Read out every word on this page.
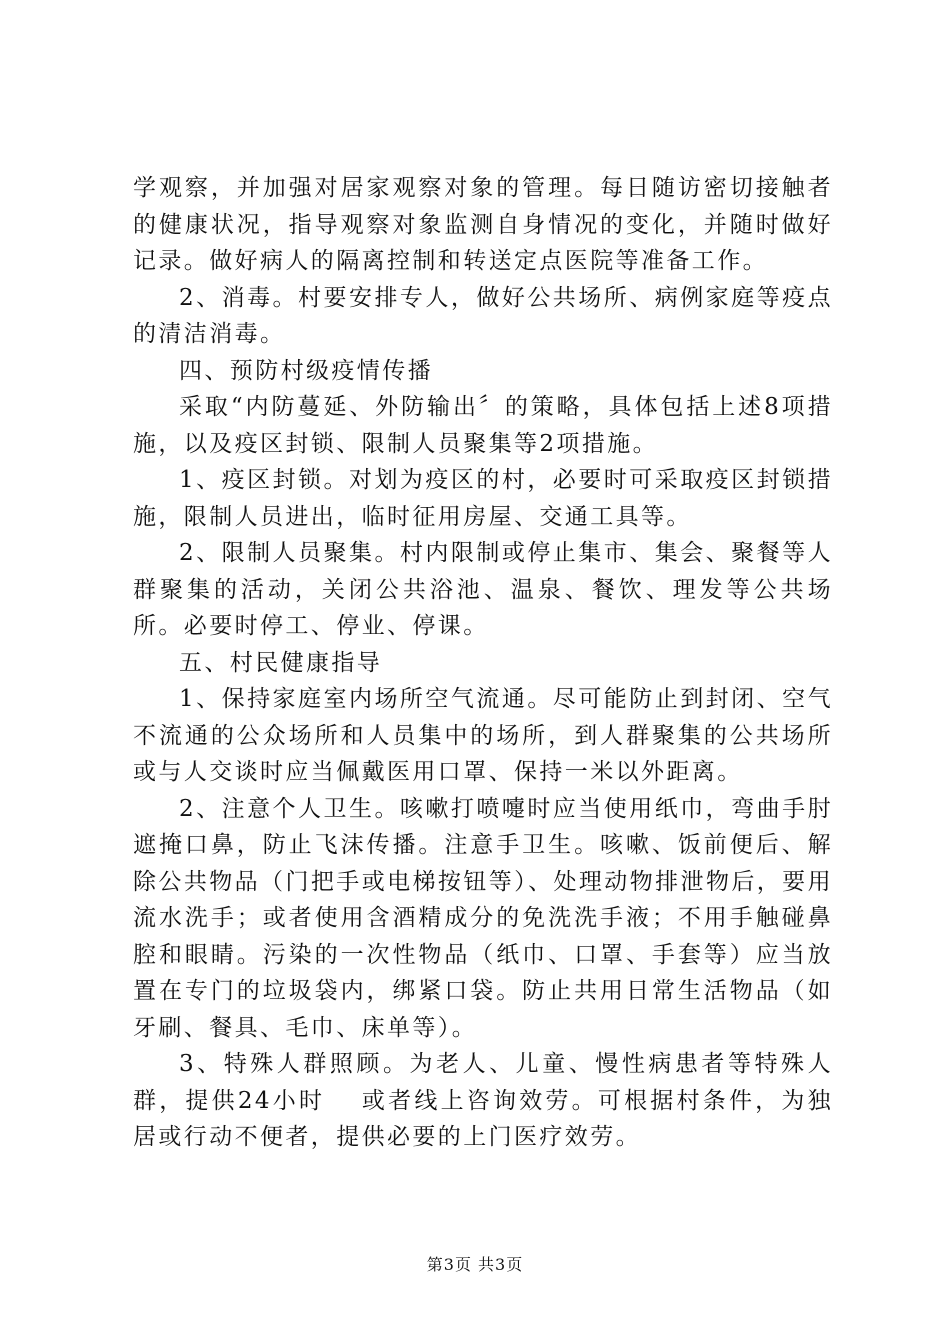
学观察，并加强对居家观察对象的管理。每日随访密切接触者的健康状况，指导观察对象监测自身情况的变化，并随时做好记录。做好病人的隔离控制和转送定点医院等准备工作。

2、消毒。村要安排专人，做好公共场所、病例家庭等疫点的清洁消毒。

四、预防村级疫情传播

采取“内防蔓延、外防输出〞的策略，具体包括上述8项措施，以及疫区封锁、限制人员聚集等2项措施。

1、疫区封锁。对划为疫区的村，必要时可采取疫区封锁措施，限制人员进出，临时征用房屋、交通工具等。

2、限制人员聚集。村内限制或停止集市、集会、聚餐等人群聚集的活动，关闭公共浴池、温泉、餐饮、理发等公共场所。必要时停工、停业、停课。

五、村民健康指导

1、保持家庭室内场所空气流通。尽可能防止到封闭、空气不流通的公众场所和人员集中的场所，到人群聚集的公共场所或与人交谈时应当佩戴医用口罩、保持一米以外距离。

2、注意个人卫生。咳嗽打喷嚏时应当使用纸巾，弯曲手肘遮掩口鼻，防止飞沫传播。注意手卫生。咳嗽、饭前便后、解除公共物品（门把手或电梯按钮等）、处理动物排泄物后，要用流水洗手；或者使用含酒精成分的免洗洗手液；不用手触碰鼻腔和眼睛。污染的一次性物品（纸巾、口罩、手套等）应当放置在专门的垃圾袋内，绑紧口袋。防止共用日常生活物品（如牙刷、餐具、毛巾、床单等）。

3、特殊人群照顾。为老人、儿童、慢性病患者等特殊人群，提供24小时　 或者线上咨询效劳。可根据村条件，为独居或行动不便者，提供必要的上门医疗效劳。

第3页 共3页
